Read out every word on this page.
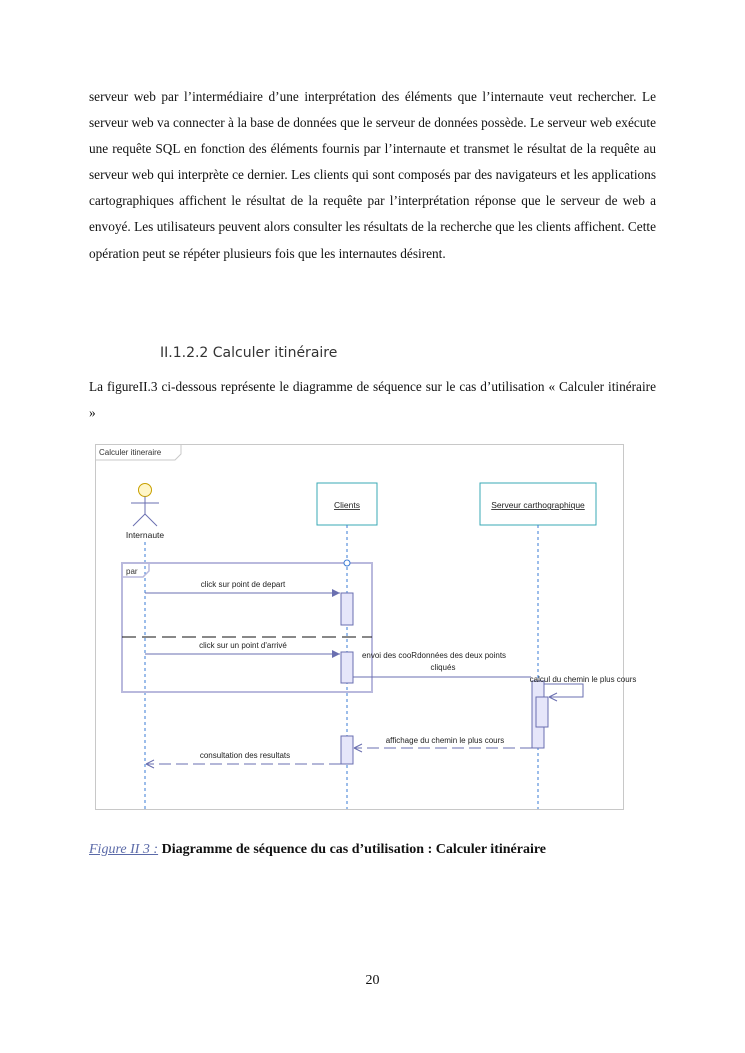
serveur web par l’intermédiaire d’une interprétation des éléments que l’internaute veut rechercher. Le serveur web va connecter à la base de données que le serveur de données possède. Le serveur web exécute une requête SQL en fonction des éléments fournis par l’internaute et transmet le résultat de la requête au serveur web qui interprète ce dernier. Les clients qui sont composés par des navigateurs et les applications cartographiques affichent le résultat de la requête par l’interprétation réponse que le serveur de web a envoyé. Les utilisateurs peuvent alors consulter les résultats de la recherche que les clients affichent. Cette opération peut se répéter plusieurs fois que les internautes désirent.

II.1.2.2 Calculer itinéraire

La figureII.3 ci-dessous représente le diagramme de séquence sur le cas d’utilisation « Calculer itinéraire »

Calculer itineraire
Internaute
Clients	Serveur carthographique
par
click sur point de depart
click sur un point d'arrivé
envoi des cooRdonnées des deux points
cliqués
calcul du chemin le plus cours
affichage du chemin le plus cours
consultation des resultats

Figure II 3 : Diagramme de séquence du cas d’utilisation : Calculer itinéraire

20
